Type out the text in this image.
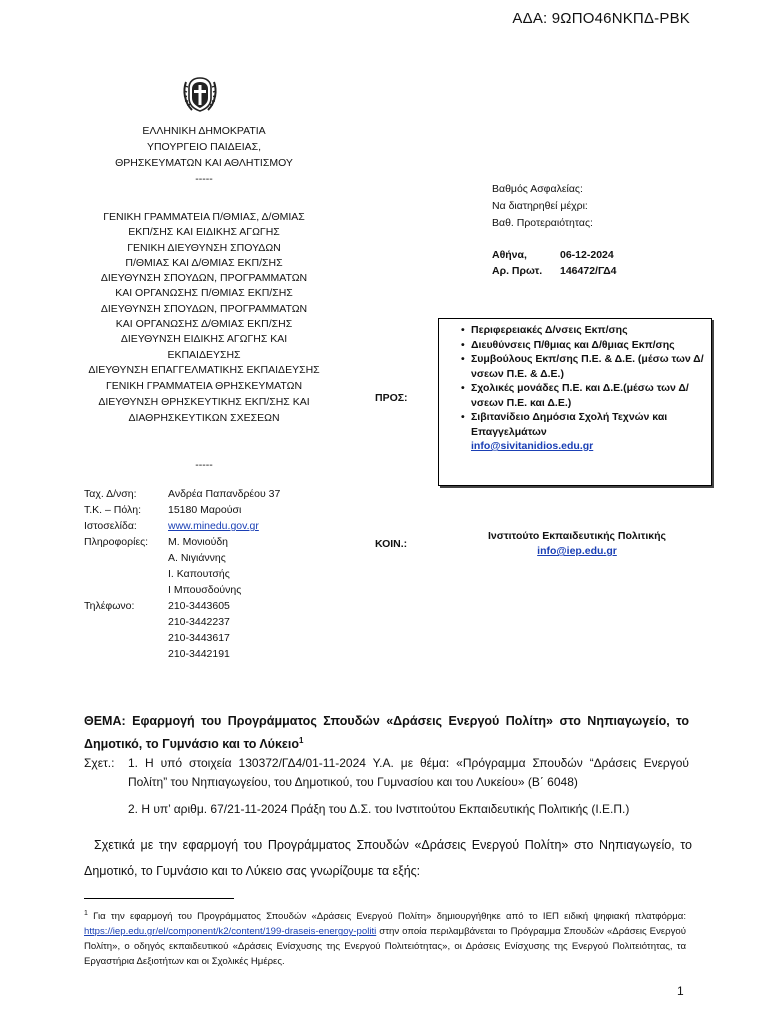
ΑΔΑ: 9ΩΠΟ46ΝΚΠΔ-ΡΒΚ
ΕΛΛΗΝΙΚΗ ΔΗΜΟΚΡΑΤΙΑ
ΥΠΟΥΡΓΕΙΟ ΠΑΙΔΕΙΑΣ,
ΘΡΗΣΚΕΥΜΑΤΩΝ ΚΑΙ ΑΘΛΗΤΙΣΜΟΥ
-----
ΓΕΝΙΚΗ ΓΡΑΜΜΑΤΕΙΑ Π/ΘΜΙΑΣ, Δ/ΘΜΙΑΣ
ΕΚΠ/ΣΗΣ ΚΑΙ ΕΙΔΙΚΗΣ ΑΓΩΓΗΣ
ΓΕΝΙΚΗ ΔΙΕΥΘΥΝΣΗ ΣΠΟΥΔΩΝ
Π/ΘΜΙΑΣ ΚΑΙ Δ/ΘΜΙΑΣ ΕΚΠ/ΣΗΣ
ΔΙΕΥΘΥΝΣΗ ΣΠΟΥΔΩΝ, ΠΡΟΓΡΑΜΜΑΤΩΝ
ΚΑΙ ΟΡΓΑΝΩΣΗΣ Π/ΘΜΙΑΣ ΕΚΠ/ΣΗΣ
ΔΙΕΥΘΥΝΣΗ ΣΠΟΥΔΩΝ, ΠΡΟΓΡΑΜΜΑΤΩΝ
ΚΑΙ ΟΡΓΑΝΩΣΗΣ Δ/ΘΜΙΑΣ ΕΚΠ/ΣΗΣ
ΔΙΕΥΘΥΝΣΗ ΕΙΔΙΚΗΣ ΑΓΩΓΗΣ ΚΑΙ ΕΚΠΑΙΔΕΥΣΗΣ
ΔΙΕΥΘΥΝΣΗ ΕΠΑΓΓΕΛΜΑΤΙΚΗΣ ΕΚΠΑΙΔΕΥΣΗΣ
ΓΕΝΙΚΗ ΓΡΑΜΜΑΤΕΙΑ ΘΡΗΣΚΕΥΜΑΤΩΝ
ΔΙΕΥΘΥΝΣΗ ΘΡΗΣΚΕΥΤΙΚΗΣ ΕΚΠ/ΣΗΣ ΚΑΙ
ΔΙΑΘΡΗΣΚΕΥΤΙΚΩΝ ΣΧΕΣΕΩΝ
-----
Βαθμός Ασφαλείας:
Να διατηρηθεί μέχρι:
Βαθ. Προτεραιότητας:
Αθήνα,	06-12-2024
Αρ. Πρωτ. 146472/ΓΔ4
ΠΡΟΣ:
• Περιφερειακές Δ/νσεις Εκπ/σης
• Διευθύνσεις Π/θμιας και Δ/θμιας Εκπ/σης
• Συμβούλους Εκπ/σης Π.Ε. & Δ.Ε. (μέσω των Δ/νσεων Π.Ε. & Δ.Ε.)
• Σχολικές μονάδες Π.Ε. και Δ.Ε.(μέσω των Δ/νσεων Π.Ε. και Δ.Ε.)
• Σιβιτανίδειο Δημόσια Σχολή Τεχνών και Επαγγελμάτων
info@sivitanidios.edu.gr
ΚΟΙΝ.:
Ινστιτούτο Εκπαιδευτικής Πολιτικής
info@iep.edu.gr
Ταχ. Δ/νση:	Ανδρέα Παπανδρέου 37
Τ.Κ. – Πόλη:	15180 Μαρούσι
Ιστοσελίδα:	www.minedu.gov.gr
Πληροφορίες: Μ. Μονιούδη
Α. Νιγιάννης
Ι. Καπουτσής
Ι Μπουσδούνης
Τηλέφωνο:	210-3443605
210-3442237
210-3443617
210-3442191
ΘΕΜΑ: Εφαρμογή του Προγράμματος Σπουδών «Δράσεις Ενεργού Πολίτη» στο Νηπιαγωγείο, το Δημοτικό, το Γυμνάσιο και το Λύκειο$^1$
Σχετ.:	1. Η υπό στοιχεία 130372/ΓΔ4/01-11-2024 Υ.Α. με θέμα: «Πρόγραμμα Σπουδών “Δράσεις Ενεργού Πολίτη” του Νηπιαγωγείου, του Δημοτικού, του Γυμνασίου και του Λυκείου» (Β΄ 6048)
2. Η υπ’ αριθμ. 67/21-11-2024 Πράξη του Δ.Σ. του Ινστιτούτου Εκπαιδευτικής Πολιτικής (Ι.Ε.Π.)
Σχετικά με την εφαρμογή του Προγράμματος Σπουδών «Δράσεις Ενεργού Πολίτη» στο Νηπιαγωγείο, το Δημοτικό, το Γυμνάσιο και το Λύκειο σας γνωρίζουμε τα εξής:
$^1$ Για την εφαρμογή του Προγράμματος Σπουδών «Δράσεις Ενεργού Πολίτη» δημιουργήθηκε από το ΙΕΠ ειδική ψηφιακή πλατφόρμα: https://iep.edu.gr/el/component/k2/content/199-draseis-energoy-politi στην οποία περιλαμβάνεται το Πρόγραμμα Σπουδών «Δράσεις Ενεργού Πολίτη», ο οδηγός εκπαιδευτικού «Δράσεις Ενίσχυσης της Ενεργού Πολιτειότητας», οι Δράσεις Ενίσχυσης της Ενεργού Πολιτειότητας, τα Εργαστήρια Δεξιοτήτων και οι Σχολικές Ημέρες.
1
